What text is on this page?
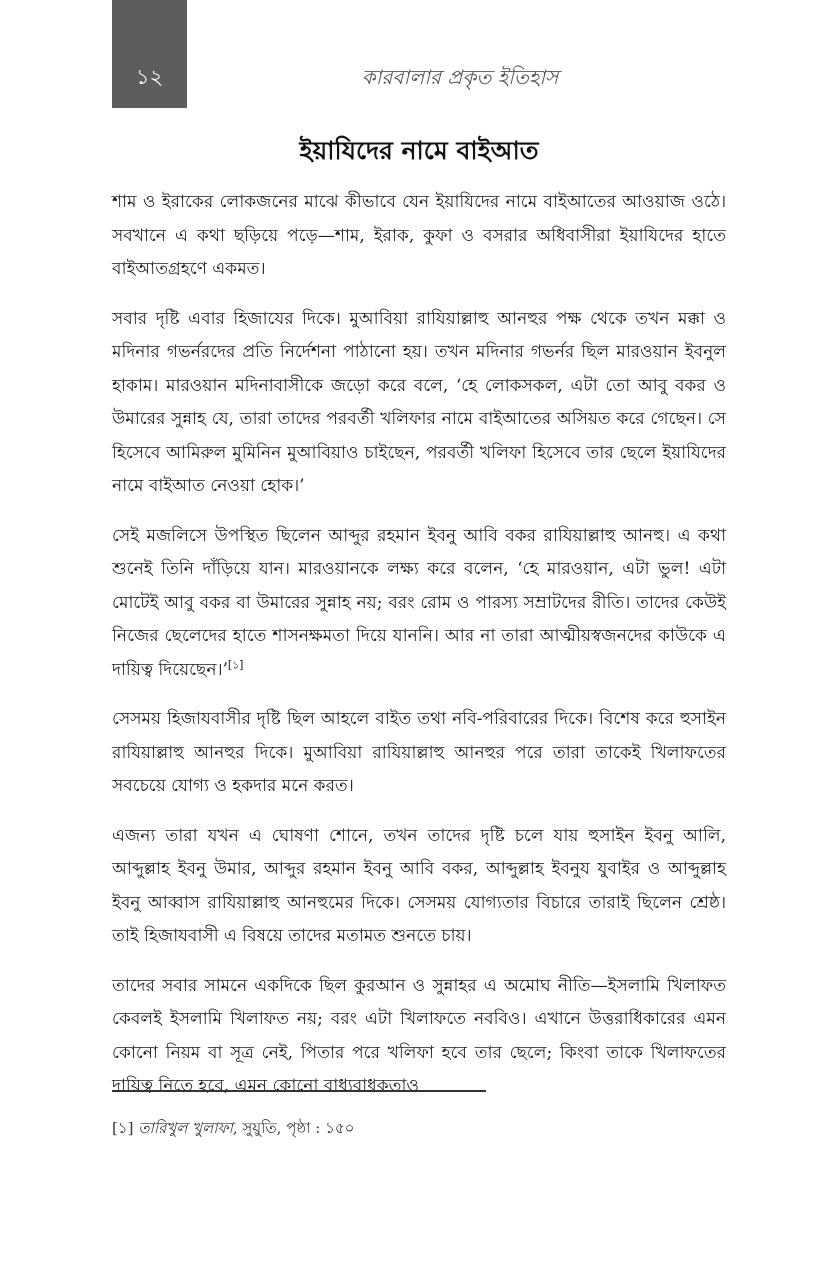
১২	কারবালার প্রকৃত ইতিহাস
ইয়াযিদের নামে বাইআত

শাম ও ইরাকের লোকজনের মাঝে কীভাবে যেন ইয়াযিদের নামে বাইআতের আওয়াজ ওঠে। সবখানে এ কথা ছড়িয়ে পড়ে—শাম, ইরাক, কুফা ও বসরার অধিবাসীরা ইয়াযিদের হাতে বাইআতগ্রহণে একমত।

সবার দৃষ্টি এবার হিজাযের দিকে। মুআবিয়া রাযিয়াল্লাহু আনহুর পক্ষ থেকে তখন মক্কা ও মদিনার গভর্নরদের প্রতি নির্দেশনা পাঠানো হয়। তখন মদিনার গভর্নর ছিল মারওয়ান ইবনুল হাকাম। মারওয়ান মদিনাবাসীকে জড়ো করে বলে, ‘হে লোকসকল, এটা তো আবু বকর ও উমারের সুন্নাহ যে, তারা তাদের পরবর্তী খলিফার নামে বাইআতের অসিয়ত করে গেছেন। সে হিসেবে আমিরুল মুমিনিন মুআবিয়াও চাইছেন, পরবর্তী খলিফা হিসেবে তার ছেলে ইয়াযিদের নামে বাইআত নেওয়া হোক।’

সেই মজলিসে উপস্থিত ছিলেন আব্দুর রহমান ইবনু আবি বকর রাযিয়াল্লাহু আনহু। এ কথা শুনেই তিনি দাঁড়িয়ে যান। মারওয়ানকে লক্ষ্য করে বলেন, ‘হে মারওয়ান, এটা ভুল! এটা মোটেই আবু বকর বা উমারের সুন্নাহ নয়; বরং রোম ও পারস্য সম্রাটদের রীতি। তাদের কেউই নিজের ছেলেদের হাতে শাসনক্ষমতা দিয়ে যাননি। আর না তারা আত্মীয়স্বজনদের কাউকে এ দায়িত্ব দিয়েছেন।’[১]

সেসময় হিজাযবাসীর দৃষ্টি ছিল আহলে বাইত তথা নবি-পরিবারের দিকে। বিশেষ করে হুসাইন রাযিয়াল্লাহু আনহুর দিকে। মুআবিয়া রাযিয়াল্লাহু আনহুর পরে তারা তাকেই খিলাফতের সবচেয়ে যোগ্য ও হকদার মনে করত।

এজন্য তারা যখন এ ঘোষণা শোনে, তখন তাদের দৃষ্টি চলে যায় হুসাইন ইবনু আলি, আব্দুল্লাহ ইবনু উমার, আব্দুর রহমান ইবনু আবি বকর, আব্দুল্লাহ ইবনুয যুবাইর ও আব্দুল্লাহ ইবনু আব্বাস রাযিয়াল্লাহু আনহুমের দিকে। সেসময় যোগ্যতার বিচারে তারাই ছিলেন শ্রেষ্ঠ। তাই হিজাযবাসী এ বিষয়ে তাদের মতামত শুনতে চায়।

তাদের সবার সামনে একদিকে ছিল কুরআন ও সুন্নাহর এ অমোঘ নীতি—ইসলামি খিলাফত কেবলই ইসলামি খিলাফত নয়; বরং এটা খিলাফতে নববিও। এখানে উত্তরাধিকারের এমন কোনো নিয়ম বা সূত্র নেই, পিতার পরে খলিফা হবে তার ছেলে; কিংবা তাকে খিলাফতের দায়িত্ব নিতে হবে, এমন কোনো বাধ্যবাধকতাও

[১] তারিখুল খুলাফা, সুয়ুতি, পৃষ্ঠা : ১৫০
